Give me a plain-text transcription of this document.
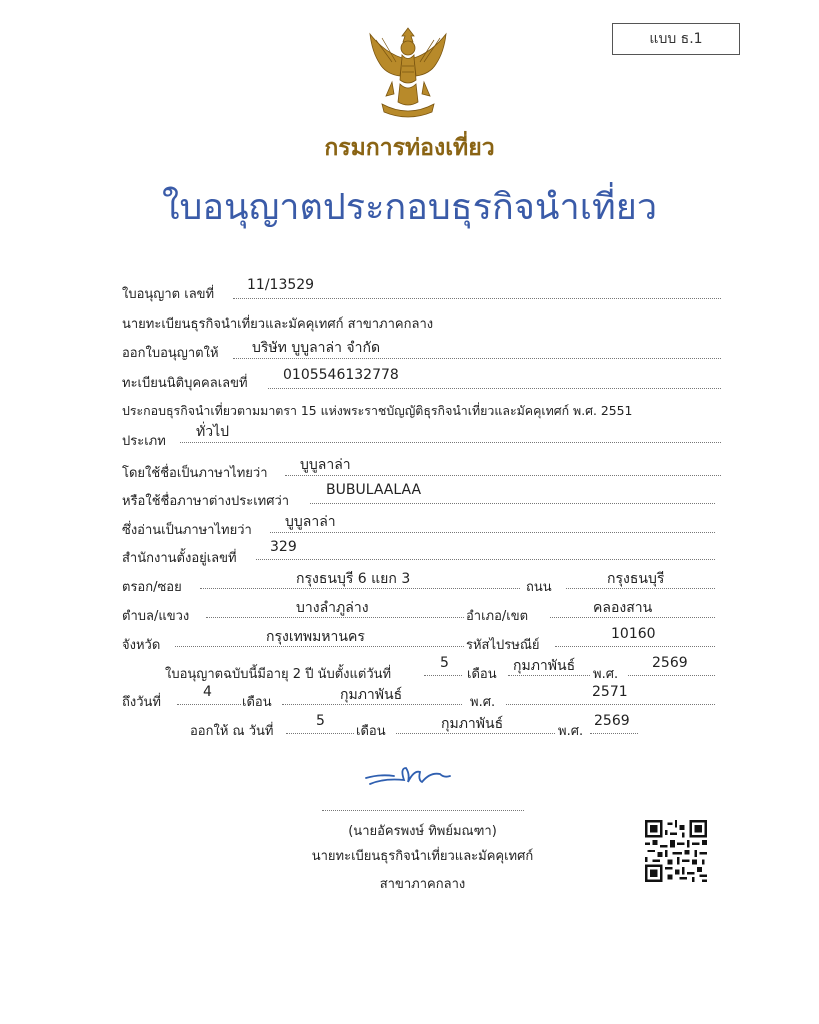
แบบ ธ.1
กรมการท่องเที่ยว
ใบอนุญาตประกอบธุรกิจนำเที่ยว
ใบอนุญาต เลขที่
11/13529
นายทะเบียนธุรกิจนำเที่ยวและมัคคุเทศก์ สาขาภาคกลาง
ออกใบอนุญาตให้ บริษัท บูบูลาล่า จำกัด
ทะเบียนนิติบุคคลเลขที่
0105546132778
ประกอบธุรกิจนำเที่ยวตามมาตรา 15 แห่งพระราชบัญญัติธุรกิจนำเที่ยวและมัคคุเทศก์ พ.ศ. 2551
ประเภท
ทั่วไป
โดยใช้ชื่อเป็นภาษาไทยว่า
บูบูลาล่า
หรือใช้ชื่อภาษาต่างประเทศว่า
BUBULAALAA
ซึ่งอ่านเป็นภาษาไทยว่า
บูบูลาล่า
สำนักงานตั้งอยู่เลขที่
329
ตรอก/ซอย
กรุงธนบุรี 6 แยก 3
ถนน
กรุงธนบุรี
ตำบล/แขวง
บางลำภูล่าง
อำเภอ/เขต
คลองสาน
จังหวัด
กรุงเทพมหานคร
รหัสไปรษณีย์
10160
ใบอนุญาตฉบับนี้มีอายุ 2 ปี นับตั้งแต่วันที่
5
เดือน
กุมภาพันธ์
พ.ศ.
2569
ถึงวันที่
4
เดือน	กุมภาพันธ์	พ.ศ.
2571
ออกให้ ณ วันที่
5
เดือน	กุมภาพันธ์	พ.ศ.
2569
(นายอัครพงษ์ ทิพย์มณฑา)
นายทะเบียนธุรกิจนำเที่ยวและมัคคุเทศก์
สาขาภาคกลาง
